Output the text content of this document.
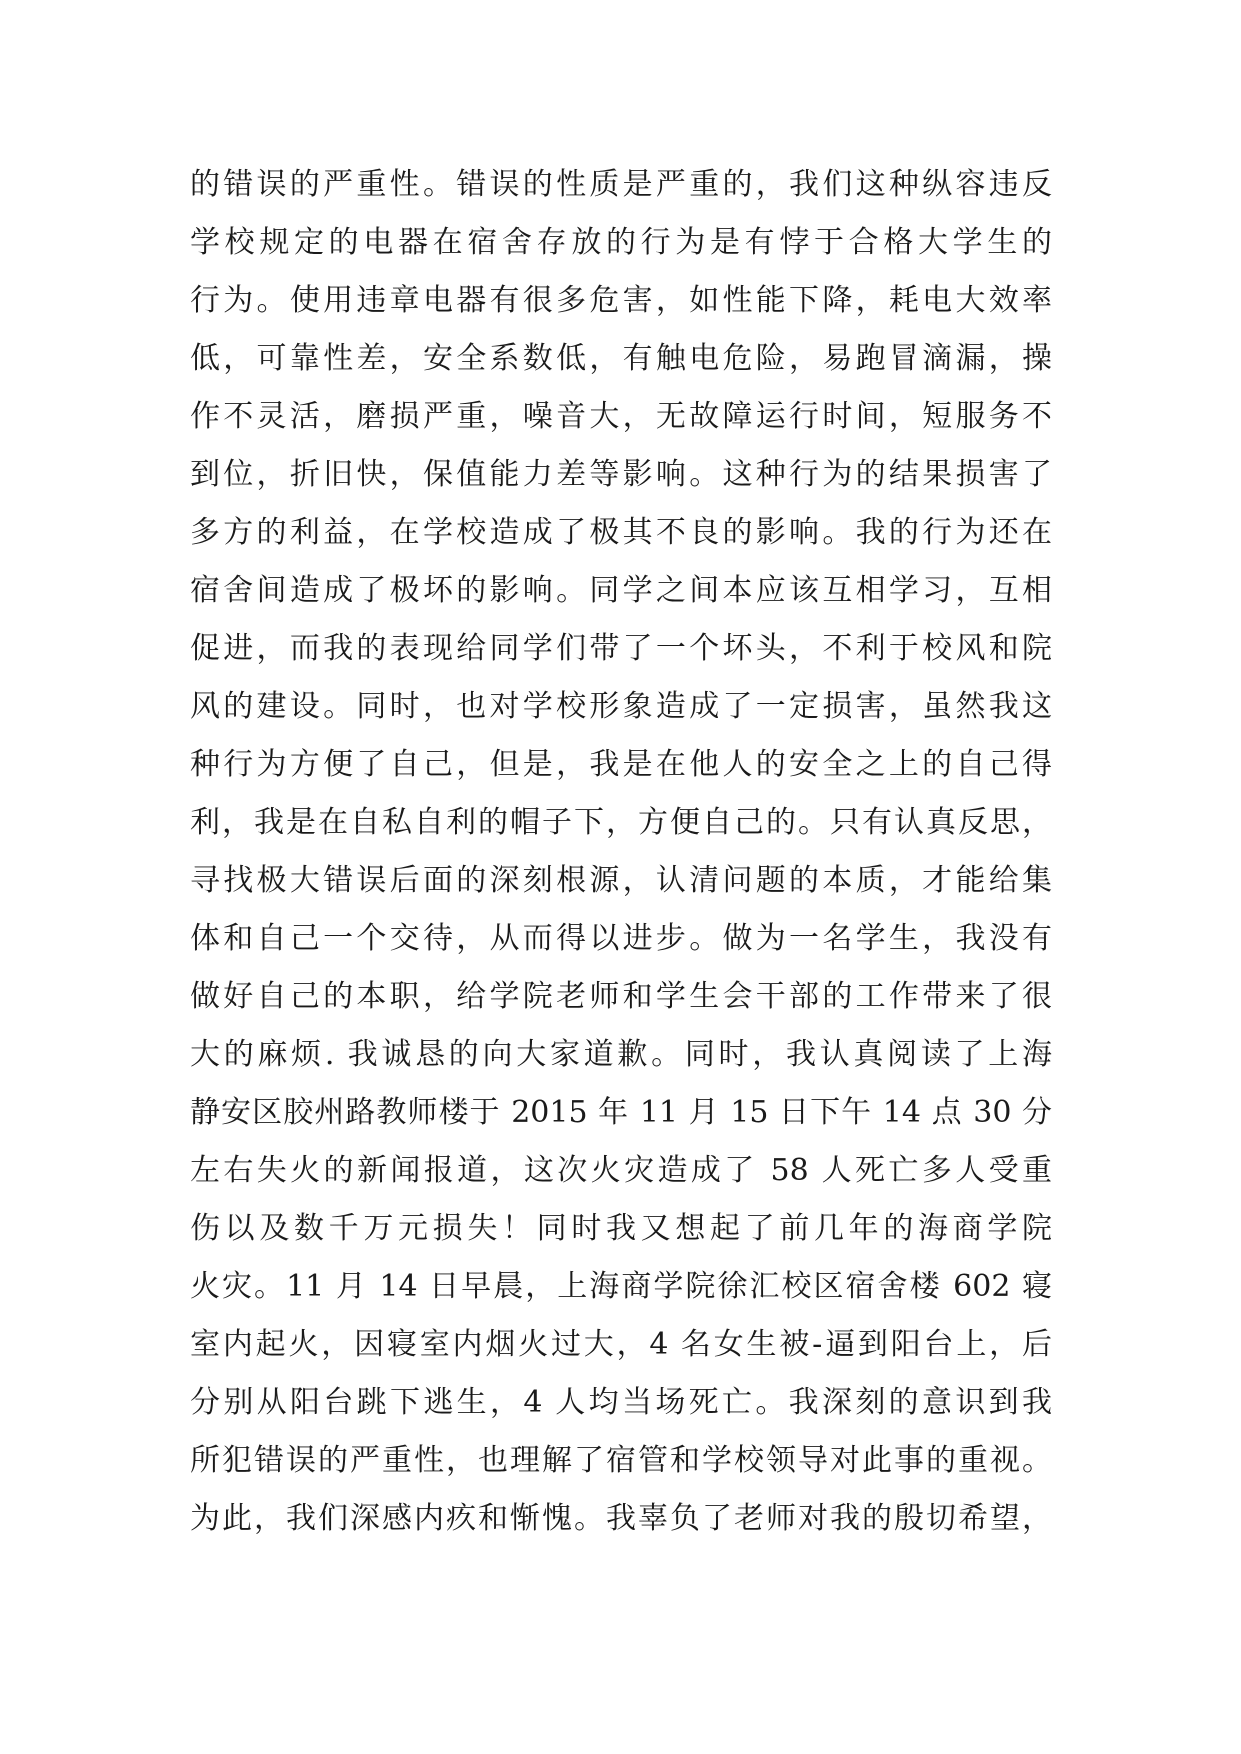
的错误的严重性。错误的性质是严重的，我们这种纵容违反
学校规定的电器在宿舍存放的行为是有悖于合格大学生的
行为。使用违章电器有很多危害，如性能下降，耗电大效率
低，可靠性差，安全系数低，有触电危险，易跑冒滴漏，操
作不灵活，磨损严重，噪音大，无故障运行时间，短服务不
到位，折旧快，保值能力差等影响。这种行为的结果损害了
多方的利益，在学校造成了极其不良的影响。我的行为还在
宿舍间造成了极坏的影响。同学之间本应该互相学习，互相
促进，而我的表现给同学们带了一个坏头，不利于校风和院
风的建设。同时，也对学校形象造成了一定损害，虽然我这
种行为方便了自己，但是，我是在他人的安全之上的自己得
利，我是在自私自利的帽子下，方便自己的。只有认真反思，
寻找极大错误后面的深刻根源，认清问题的本质，才能给集
体和自己一个交待，从而得以进步。做为一名学生，我没有
做好自己的本职，给学院老师和学生会干部的工作带来了很
大的麻烦. 我诚恳的向大家道歉。同时，我认真阅读了上海
静安区胶州路教师楼于 2015 年 11 月 15 日下午 14 点 30 分
左右失火的新闻报道，这次火灾造成了 58 人死亡多人受重
伤以及数千万元损失！同时我又想起了前几年的海商学院
火灾。11 月 14 日早晨，上海商学院徐汇校区宿舍楼 602 寝
室内起火，因寝室内烟火过大，4 名女生被-逼到阳台上，后
分别从阳台跳下逃生，4 人均当场死亡。我深刻的意识到我
所犯错误的严重性，也理解了宿管和学校领导对此事的重视。
为此，我们深感内疚和惭愧。我辜负了老师对我的殷切希望，
